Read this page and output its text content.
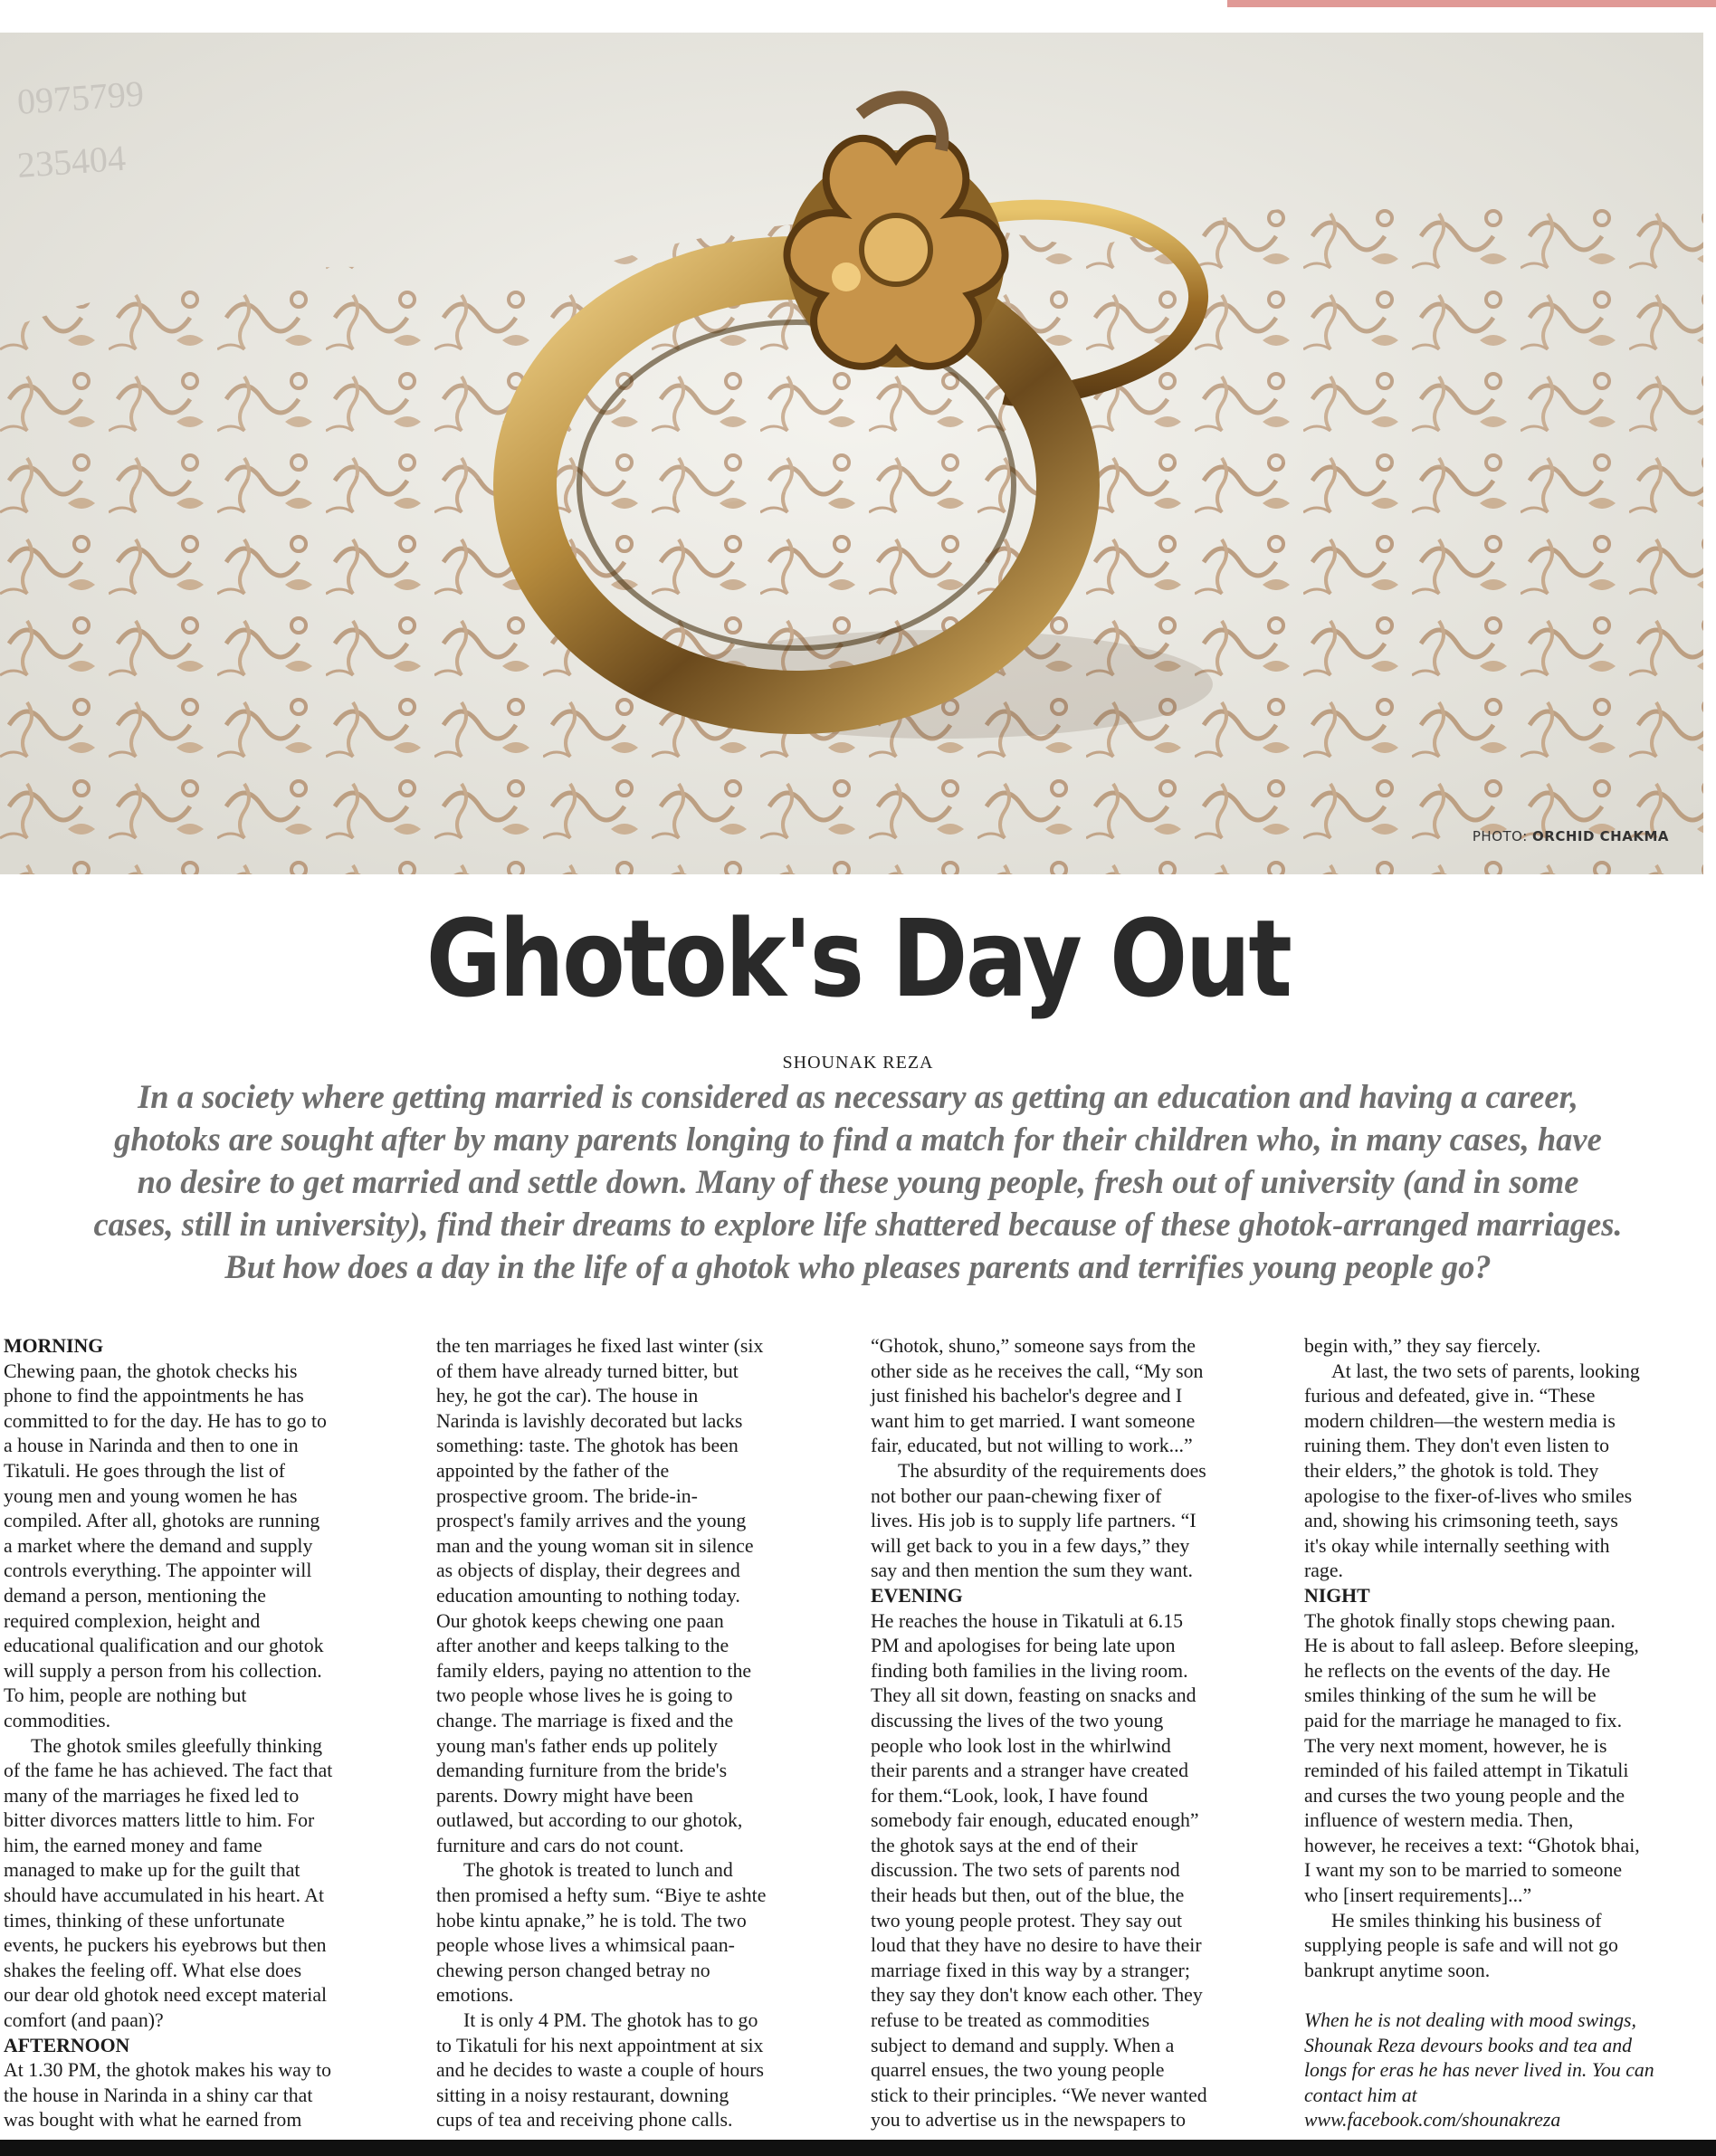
0975799
235404
PHOTO: ORCHID CHAKMA
Ghotok's Day Out
SHOUNAK REZA
In a society where getting married is considered as necessary as getting an education and having a career,
ghotoks are sought after by many parents longing to find a match for their children who, in many cases, have
no desire to get married and settle down. Many of these young people, fresh out of university (and in some
cases, still in university), find their dreams to explore life shattered because of these ghotok-arranged marriages.
But how does a day in the life of a ghotok who pleases parents and terrifies young people go?
MORNING
Chewing paan, the ghotok checks his
phone to find the appointments he has
committed to for the day. He has to go to
a house in Narinda and then to one in
Tikatuli. He goes through the list of
young men and young women he has
compiled. After all, ghotoks are running
a market where the demand and supply
controls everything. The appointer will
demand a person, mentioning the
required complexion, height and
educational qualification and our ghotok
will supply a person from his collection.
To him, people are nothing but
commodities.
The ghotok smiles gleefully thinking
of the fame he has achieved. The fact that
many of the marriages he fixed led to
bitter divorces matters little to him. For
him, the earned money and fame
managed to make up for the guilt that
should have accumulated in his heart. At
times, thinking of these unfortunate
events, he puckers his eyebrows but then
shakes the feeling off. What else does
our dear old ghotok need except material
comfort (and paan)?
AFTERNOON
At 1.30 PM, the ghotok makes his way to
the house in Narinda in a shiny car that
was bought with what he earned from
the ten marriages he fixed last winter (six
of them have already turned bitter, but
hey, he got the car). The house in
Narinda is lavishly decorated but lacks
something: taste. The ghotok has been
appointed by the father of the
prospective groom. The bride-in-
prospect's family arrives and the young
man and the young woman sit in silence
as objects of display, their degrees and
education amounting to nothing today.
Our ghotok keeps chewing one paan
after another and keeps talking to the
family elders, paying no attention to the
two people whose lives he is going to
change. The marriage is fixed and the
young man's father ends up politely
demanding furniture from the bride's
parents. Dowry might have been
outlawed, but according to our ghotok,
furniture and cars do not count.
The ghotok is treated to lunch and
then promised a hefty sum. “Biye te ashte
hobe kintu apnake,” he is told. The two
people whose lives a whimsical paan-
chewing person changed betray no
emotions.
It is only 4 PM. The ghotok has to go
to Tikatuli for his next appointment at six
and he decides to waste a couple of hours
sitting in a noisy restaurant, downing
cups of tea and receiving phone calls.
“Ghotok, shuno,” someone says from the
other side as he receives the call, “My son
just finished his bachelor's degree and I
want him to get married. I want someone
fair, educated, but not willing to work...”
The absurdity of the requirements does
not bother our paan-chewing fixer of
lives. His job is to supply life partners. “I
will get back to you in a few days,” they
say and then mention the sum they want.
EVENING
He reaches the house in Tikatuli at 6.15
PM and apologises for being late upon
finding both families in the living room.
They all sit down, feasting on snacks and
discussing the lives of the two young
people who look lost in the whirlwind
their parents and a stranger have created
for them.“Look, look, I have found
somebody fair enough, educated enough”
the ghotok says at the end of their
discussion. The two sets of parents nod
their heads but then, out of the blue, the
two young people protest. They say out
loud that they have no desire to have their
marriage fixed in this way by a stranger;
they say they don't know each other. They
refuse to be treated as commodities
subject to demand and supply. When a
quarrel ensues, the two young people
stick to their principles. “We never wanted
you to advertise us in the newspapers to
begin with,” they say fiercely.
At last, the two sets of parents, looking
furious and defeated, give in. “These
modern children—the western media is
ruining them. They don't even listen to
their elders,” the ghotok is told. They
apologise to the fixer-of-lives who smiles
and, showing his crimsoning teeth, says
it's okay while internally seething with
rage.
NIGHT
The ghotok finally stops chewing paan.
He is about to fall asleep. Before sleeping,
he reflects on the events of the day. He
smiles thinking of the sum he will be
paid for the marriage he managed to fix.
The very next moment, however, he is
reminded of his failed attempt in Tikatuli
and curses the two young people and the
influence of western media. Then,
however, he receives a text: “Ghotok bhai,
I want my son to be married to someone
who [insert requirements]...”
He smiles thinking his business of
supplying people is safe and will not go
bankrupt anytime soon.

When he is not dealing with mood swings,
Shounak Reza devours books and tea and
longs for eras he has never lived in. You can
contact him at
www.facebook.com/shounakreza
